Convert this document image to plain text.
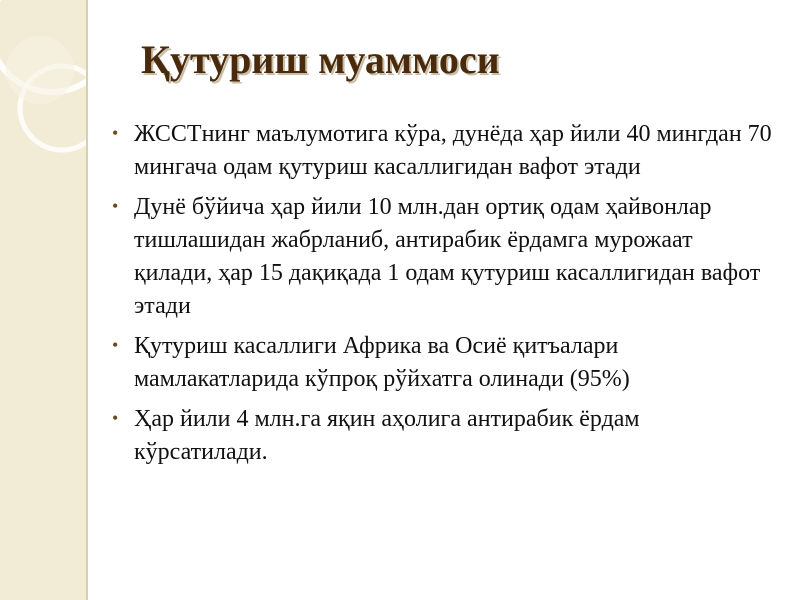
Қутуриш муаммоси
• ЖССТнинг маълумотига кўра, дунёда ҳар йили 40 мингдан 70 мингача одам қутуриш касаллигидан вафот этади
• Дунё бўйича ҳар йили 10 млн.дан ортиқ одам ҳайвонлар тишлашидан жабрланиб, антирабик ёрдамга мурожаат қилади, ҳар 15 дақиқада 1 одам қутуриш касаллигидан вафот этади
• Қутуриш касаллиги Африка ва Осиё қитъалари мамлакатларида кўпроқ рўйхатга олинади (95%)
• Ҳар йили 4 млн.га яқин аҳолига антирабик ёрдам кўрсатилади.
